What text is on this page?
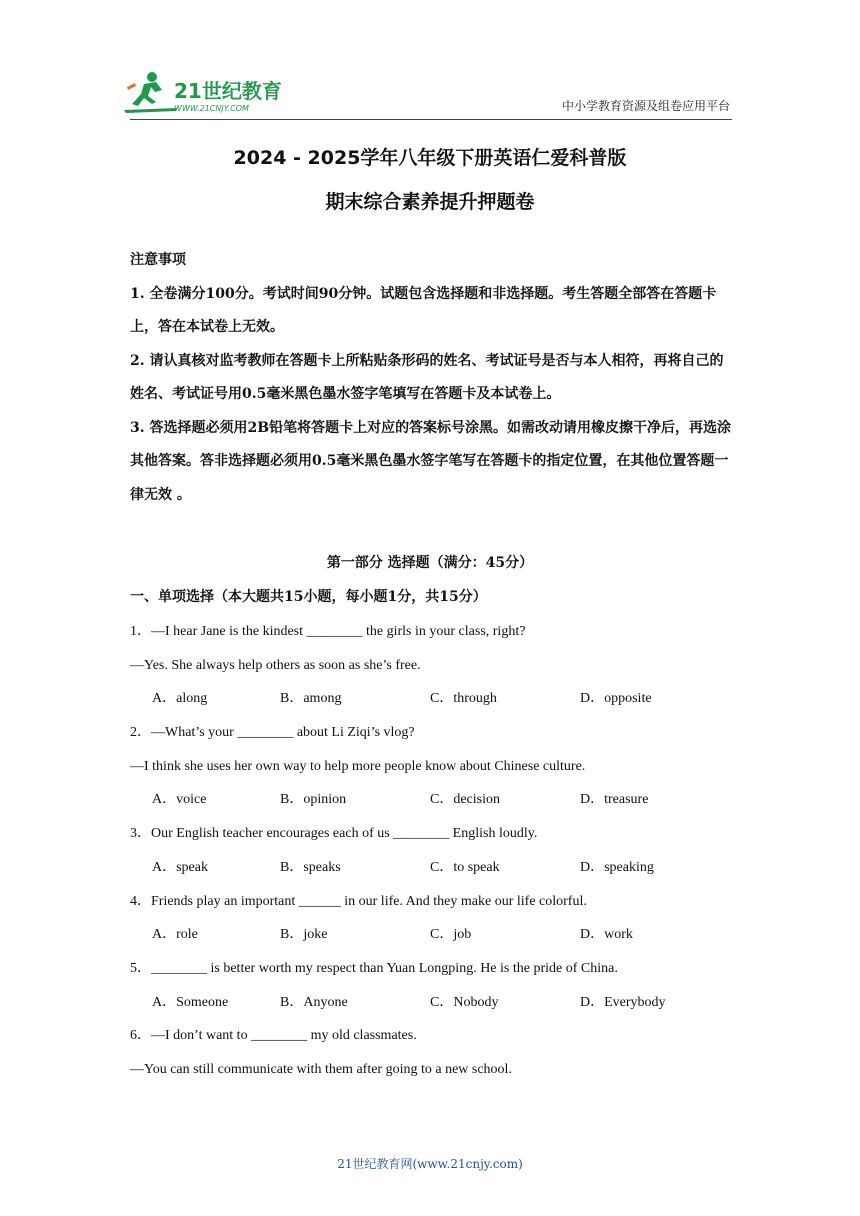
21世纪教育
WWW.21CNJY.COM	中小学教育资源及组卷应用平台
2024 - 2025学年八年级下册英语仁爱科普版
期末综合素养提升押题卷
注意事项
1. 全卷满分100分。考试时间90分钟。试题包含选择题和非选择题。考生答题全部答在答题卡上，答在本试卷上无效。
2. 请认真核对监考教师在答题卡上所粘贴条形码的姓名、考试证号是否与本人相符，再将自己的姓名、考试证号用0.5毫米黑色墨水签字笔填写在答题卡及本试卷上。
3. 答选择题必须用2B铅笔将答题卡上对应的答案标号涂黑。如需改动请用橡皮擦干净后，再选涂其他答案。答非选择题必须用0.5毫米黑色墨水签字笔写在答题卡的指定位置，在其他位置答题一律无效 。
第一部分 选择题（满分：45分）
一、单项选择（本大题共15小题，每小题1分，共15分）
1．—I hear Jane is the kindest ________ the girls in your class, right?
—Yes. She always help others as soon as she’s free.
A．along	B．among	C．through	D．opposite
2．—What’s your ________ about Li Ziqi’s vlog?
—I think she uses her own way to help more people know about Chinese culture.
A．voice	B．opinion	C．decision	D．treasure
3．Our English teacher encourages each of us ________ English loudly.
A．speak	B．speaks	C．to speak	D．speaking
4．Friends play an important ______ in our life. And they make our life colorful.
A．role	B．joke	C．job	D．work
5．________ is better worth my respect than Yuan Longping. He is the pride of China.
A．Someone	B．Anyone	C．Nobody	D．Everybody
6．—I don’t want to ________ my old classmates.
—You can still communicate with them after going to a new school.
21世纪教育网(www.21cnjy.com)
